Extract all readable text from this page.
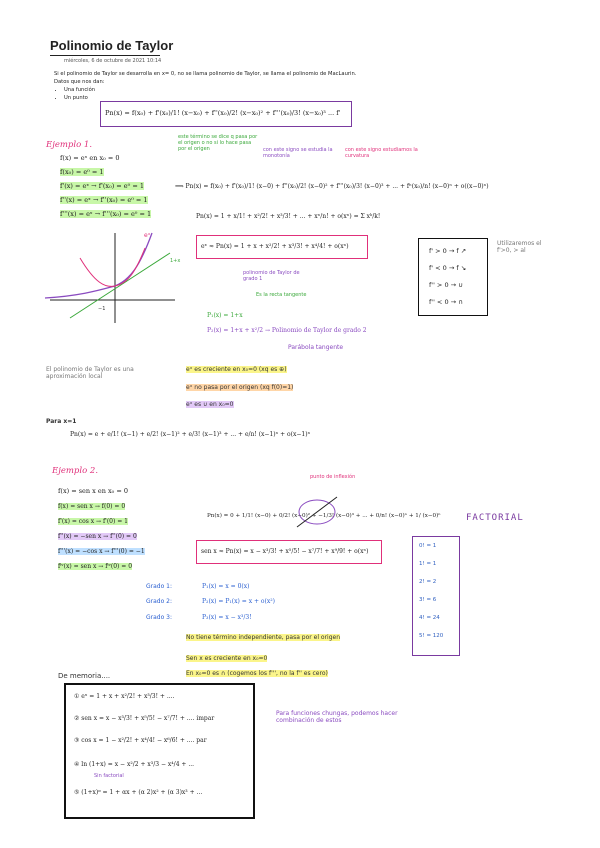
Polinomio de Taylor
miércoles, 6 de octubre de 2021 10:14
Si el polinomio de Taylor se desarrolla en x= 0, no se llama polinomio de Taylor, se llama el polinomio de MacLaurin.
Datos que nos dan:
• Una función
• Un punto
Pn(x) = f(x₀) + f'(x₀)/1! (x−x₀) + f''(x₀)/2! (x−x₀)² + f'''(x₀)/3! (x−x₀)³ ... f'
Ejemplo 1.
f(x) = eˣ en x₀ = 0
f(x₀) = e⁰ = 1
f'(x) = eˣ → f'(x₀) = e⁰ = 1
f''(x) = eˣ → f''(x₀) = e⁰ = 1
f'''(x) = eˣ → f'''(x₀) = e⁰ = 1
este término se dice q pasa por el origen o no si lo hace pasa por el origen	con este signo se estudia la monotonía
con este signo estudiamos la curvatura
⟹ Pn(x) = f(x₀) + f'(x₀)/1! (x−0) + f''(x₀)/2! (x−0)² + f'''(x₀)/3! (x−0)³ + ... + fⁿ(x₀)/n! (x−0)ⁿ + o((x−0)ⁿ)
Pn(x) = 1 + x/1! + x²/2! + x³/3! + ... + xⁿ/n! + o(xⁿ) = Σ xᵏ/k!
eˣ ≈ Pn(x) = 1 + x + x²/2! + x³/3! + x⁴/4! + o(xⁿ)
polinomio de Taylor de grado 1
Es la recta tangente
P₁(x) = 1+x
P₂(x) = 1+x + x²/2 → Polinomio de Taylor de grado 2
Parábola tangente
eˣ
1+x
−1
f' > 0 → f ↗
f' < 0 → f ↘
f'' > 0 → ∪
f'' < 0 → ∩
Utilizaremos el f'>0, > al
El polinomio de Taylor es una aproximación local
eˣ es creciente en x₀=0 (xq es ⊕)
eˣ no pasa por el origen (xq f(0)=1)
eˣ es ∪ en x₀=0
Para x=1
Pn(x) = e + e/1! (x−1) + e/2! (x−1)² + e/3! (x−1)³ + ... + e/n! (x−1)ⁿ + o(x−1)ⁿ
Ejemplo 2.
f(x) = sen x en x₀ = 0
f(x) = sen x → f(0) = 0
f'(x) = cos x → f'(0) = 1
f''(x) = −sen x → f''(0) = 0
f'''(x) = −cos x → f'''(0) = −1
fⁱᵛ(x) = sen x → fⁱᵛ(0) = 0
punto de inflexión
Pn(x) = 0 + 1/1! (x−0) + 0/2! (x−0)² + −1/3! (x−0)³ + ... + 0/n! (x−0)ⁿ + 1/ (x−0)ⁿ
sen x ≈ Pn(x) = x − x³/3! + x⁵/5! − x⁷/7! + x⁹/9! + o(xⁿ)
Grado 1:	P₁(x) = x = 0(x)
Grado 2:	P₂(x) = P₁(x) = x + o(x²)
Grado 3:	P₃(x) = x − x³/3!
No tiene término independiente, pasa por el origen
Sen x es creciente en x₀=0
En x₀=0 es ∩ (cogemos los f''', no la f'' es cero)
FACTORIAL
0! = 1
1! = 1
2! = 2
3! = 6
4! = 24
5! = 120
De memoria....
① eˣ = 1 + x + x²/2! + x³/3! + ....
② sen x = x − x³/3! + x⁵/5! − x⁷/7! + .... impar
③ cos x = 1 − x²/2! + x⁴/4! − x⁶/6! + .... par
④ ln (1+x) = x − x²/2 + x³/3 − x⁴/4 + ...
⑤ (1+x)ᵅ = 1 + αx + (α 2)x² + (α 3)x³ + ...
Sin factorial
Para funciones chungas, podemos hacer combinación de estos
